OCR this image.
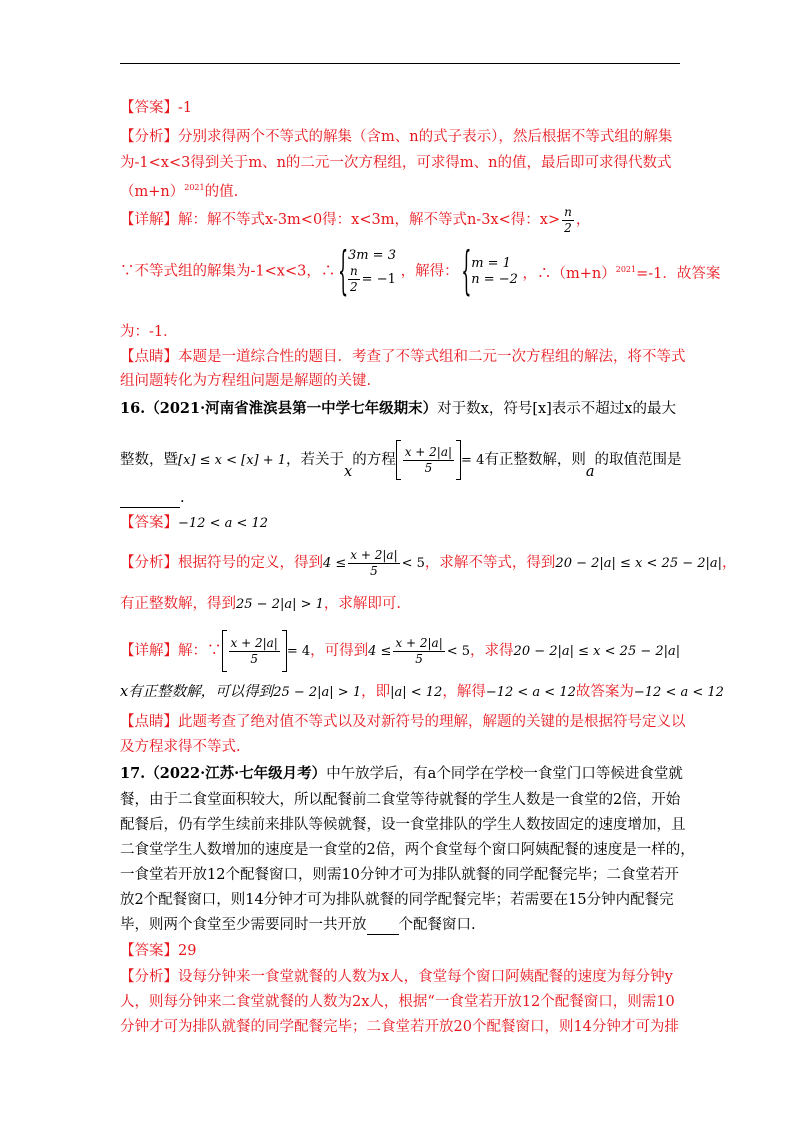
【答案】-1
【分析】分别求得两个不等式的解集（含m、n的式子表示），然后根据不等式组的解集
为-1<x<3得到关于m、n的二元一次方程组，可求得m、n的值，最后即可求得代数式
$(m+n)^{2021}$的值.
【详解】解：解不等式x-3m<0得：x<3m，解不等式n-3x<得：$x> \frac{n}{2}$ ，
∵不等式组的解集为-1<x<3，∴
{ 3m = 3
$\frac{n}{2} = -1$ ，解得：
{ m = 1
n = −2 ，$\therefore(m+n)^{2021}=-1$．故答案
为：-1．
【点睛】本题是一道综合性的题目．考查了不等式组和二元一次方程组的解法，将不等式
组问题转化为方程组问题是解题的关键.
16.（2021·河南省淮滨县第一中学七年级期末）对于数x，符号[x]表示不超过x的最大
整数，暨[x] ≤ x < [x] + 1，若关于x的方程 $\frac{x + 2|a|}{5} = 4$有正整数解，则a的取值范围是
.
【答案】−12 < a < 12
【分析】根据符号的定义，得到$4 \le \frac{x + 2|a|}{5} < 5$，求解不等式，得到20 − 2|a| ≤ x < 25 − 2|a|，
有正整数解，得到25 − 2|a| > 1，求解即可.
【详解】解：∵ $\frac{x + 2|a|}{5} = 4$，可得到$4 \le \frac{x + 2|a|}{5} < 5$，求得20 − 2|a| ≤ x < 25 − 2|a|
x有正整数解，可以得到25 − 2|a| > 1，即|a| < 12，解得−12 < a < 12故答案为−12 < a < 12
【点睛】此题考查了绝对值不等式以及对新符号的理解，解题的关键的是根据符号定义以
及方程求得不等式.
17.（2022·江苏·七年级月考）中午放学后，有a个同学在学校一食堂门口等候进食堂就
餐，由于二食堂面积较大，所以配餐前二食堂等待就餐的学生人数是一食堂的2倍，开始
配餐后，仍有学生续前来排队等候就餐，设一食堂排队的学生人数按固定的速度增加，且
二食堂学生人数增加的速度是一食堂的2倍，两个食堂每个窗口阿姨配餐的速度是一样的，
一食堂若开放12个配餐窗口，则需10分钟才可为排队就餐的同学配餐完毕；二食堂若开
放2个配餐窗口，则14分钟才可为排队就餐的同学配餐完毕；若需要在15分钟内配餐完
毕，则两个食堂至少需要同时一共开放 个配餐窗口.
【答案】29
【分析】设每分钟来一食堂就餐的人数为x人，食堂每个窗口阿姨配餐的速度为每分钟y
人，则每分钟来二食堂就餐的人数为2x人，根据“一食堂若开放12个配餐窗口，则需10
分钟才可为排队就餐的同学配餐完毕；二食堂若开放20个配餐窗口，则14分钟才可为排
